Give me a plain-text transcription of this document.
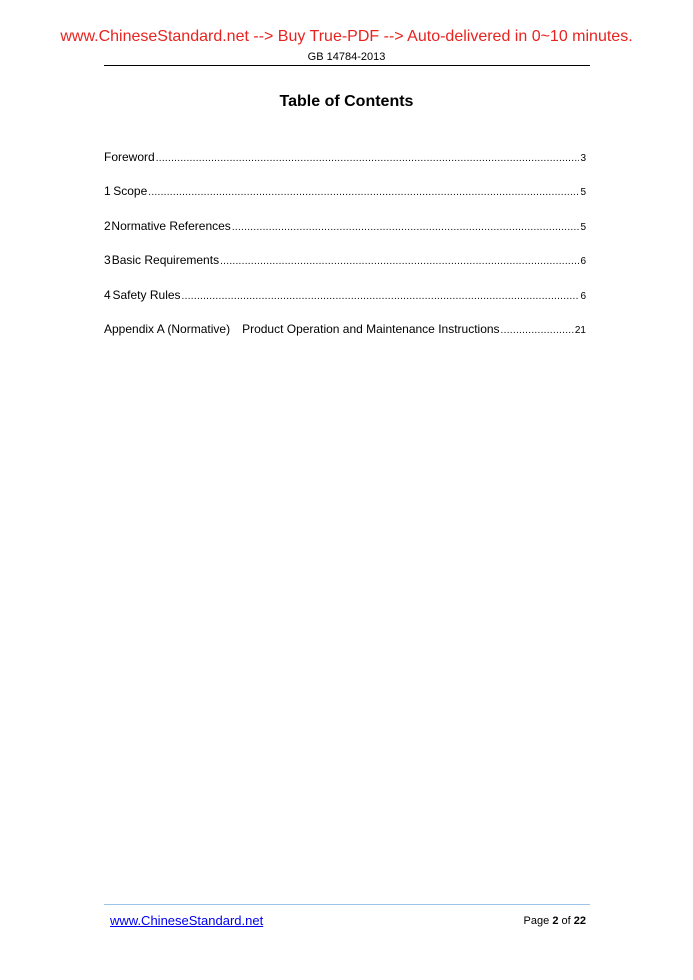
www.ChineseStandard.net --> Buy True-PDF --> Auto-delivered in 0~10 minutes.
GB 14784-2013
Table of Contents
Foreword .....	3
1 Scope .....	5
2 Normative References .....	5
3 Basic Requirements .....	6
4 Safety Rules .....	6
Appendix A (Normative) Product Operation and Maintenance Instructions .....	21
www.ChineseStandard.net	Page 2 of 22
